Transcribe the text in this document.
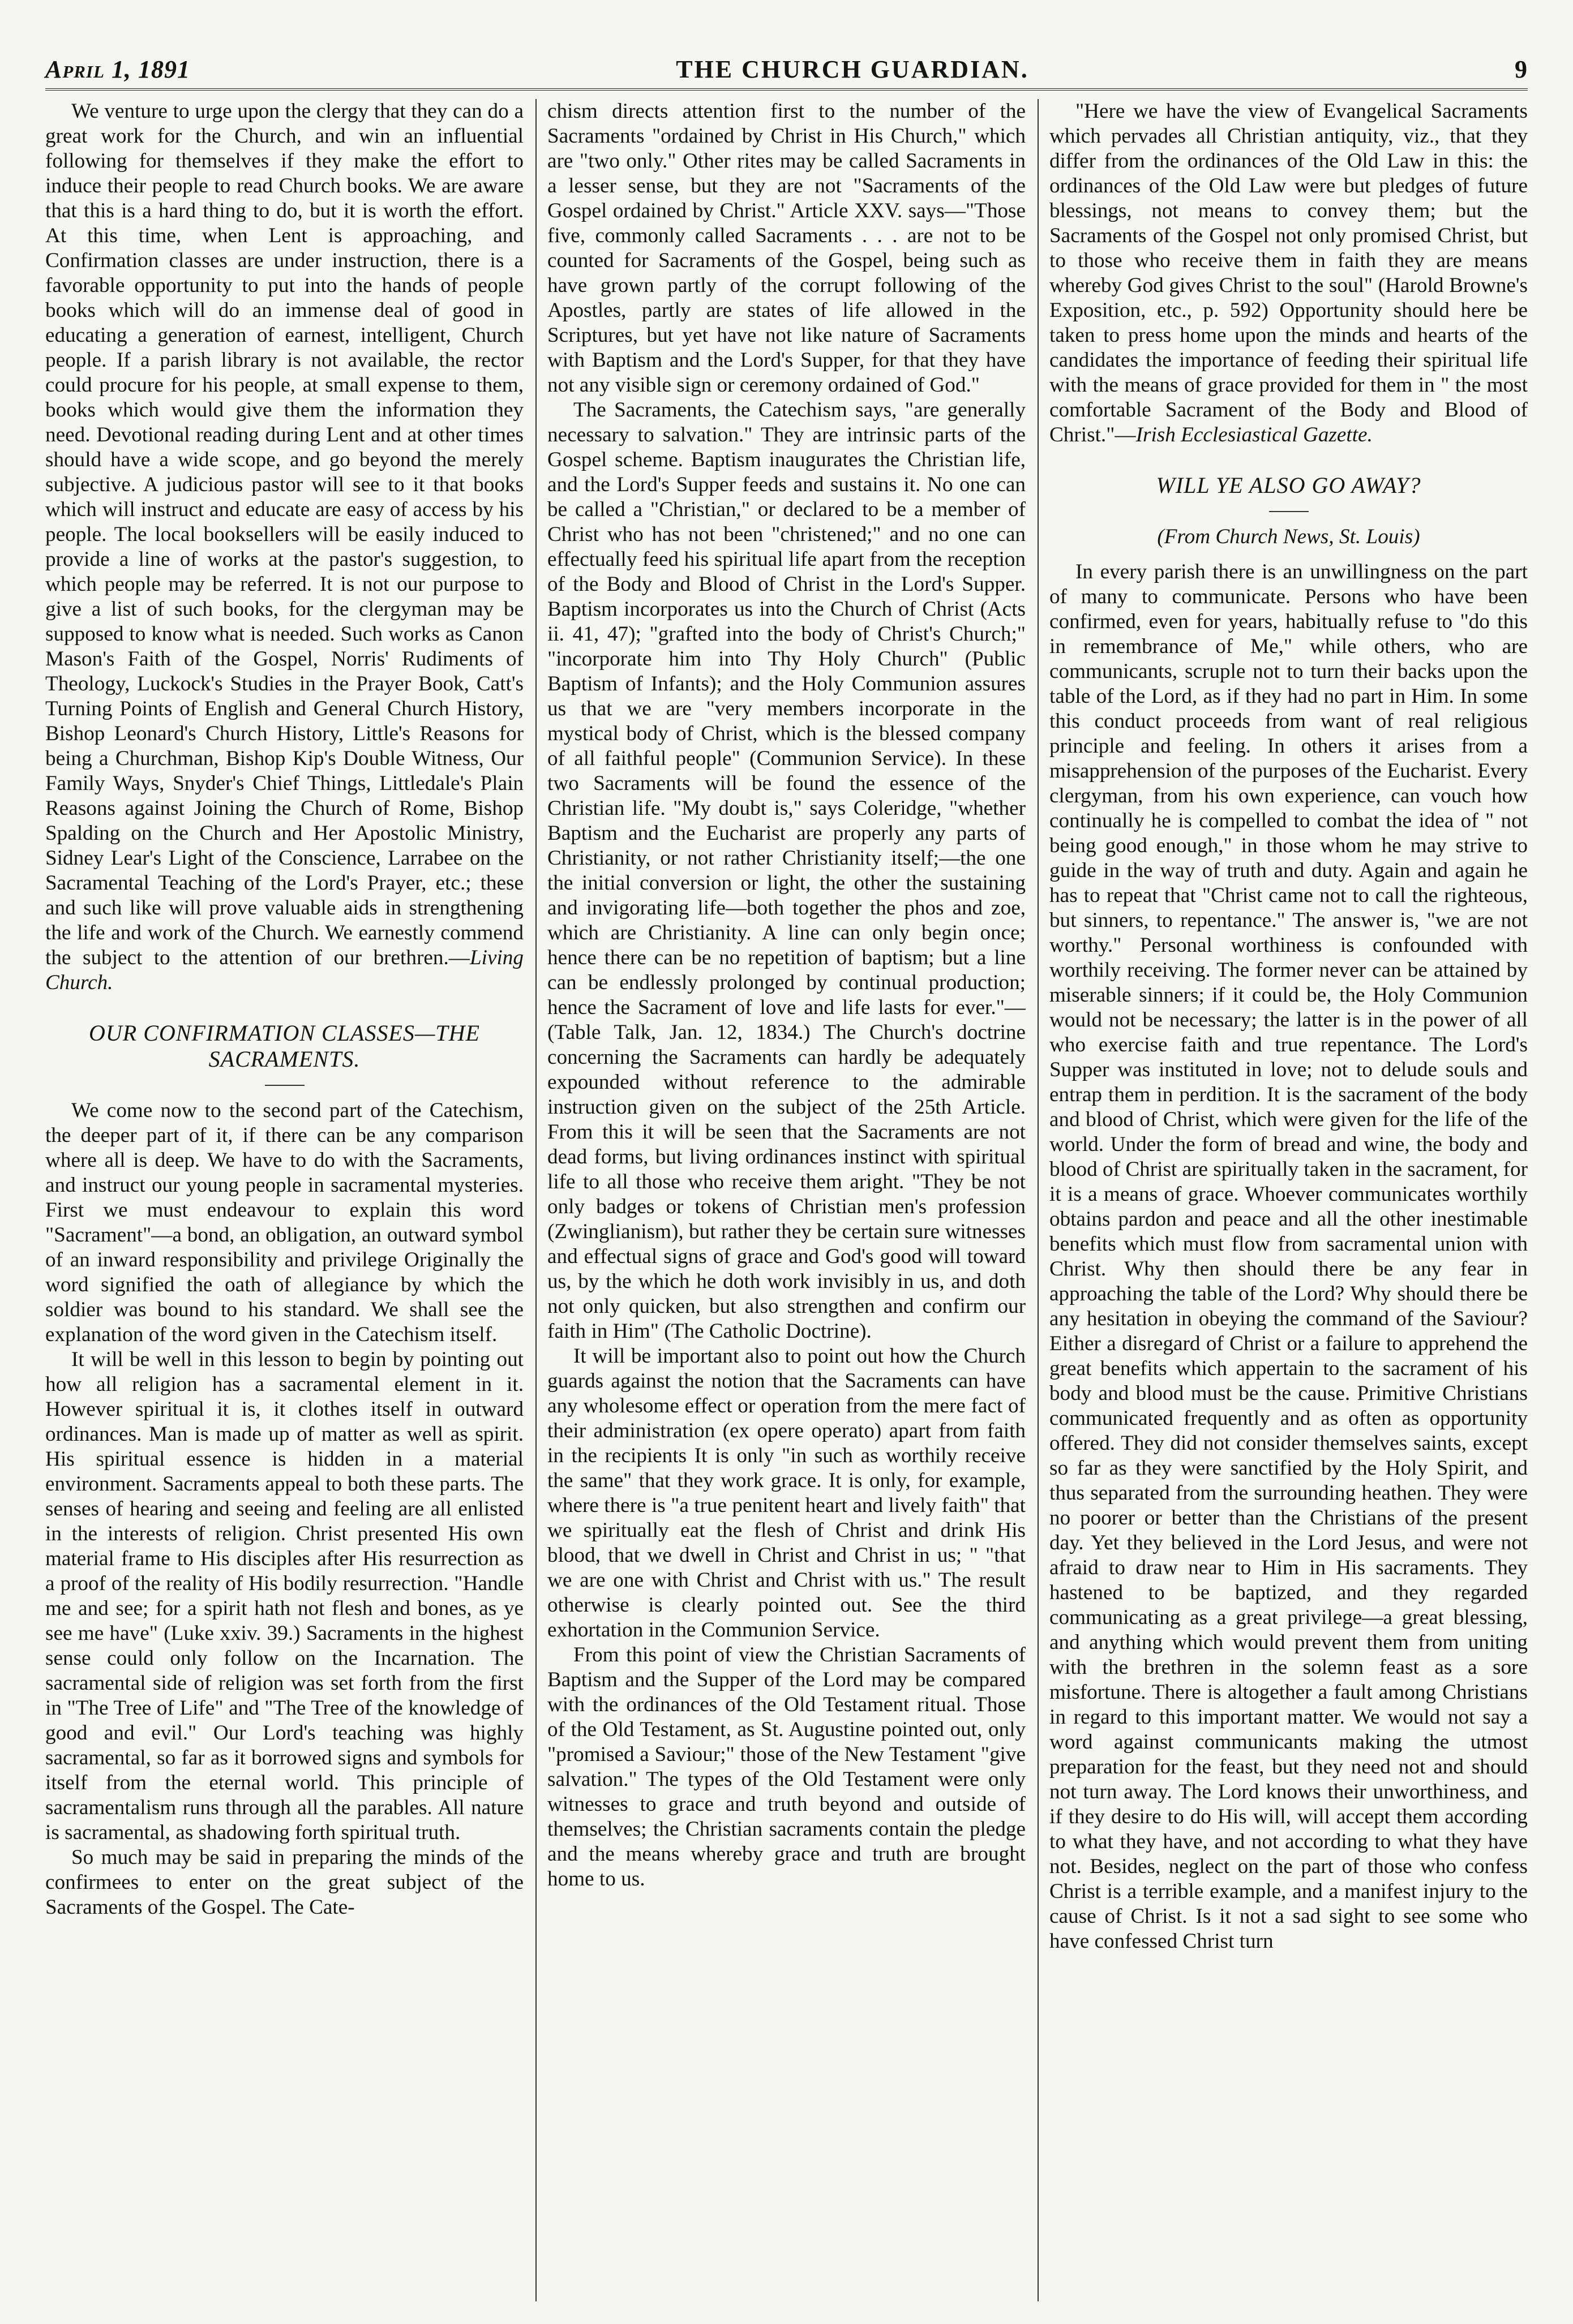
April 1, 1891	THE CHURCH GUARDIAN.	9

We venture to urge upon the clergy that they can do a great work for the Church, and win an influential following for themselves if they make the effort to induce their people to read Church books. We are aware that this is a hard thing to do, but it is worth the effort. At this time, when Lent is approaching, and Confirmation classes are under instruction, there is a favorable opportunity to put into the hands of people books which will do an immense deal of good in educating a generation of earnest, intelligent, Church people. If a parish library is not available, the rector could procure for his people, at small expense to them, books which would give them the information they need. Devotional reading during Lent and at other times should have a wide scope, and go beyond the merely subjective. A judicious pastor will see to it that books which will instruct and educate are easy of access by his people. The local booksellers will be easily induced to provide a line of works at the pastor's suggestion, to which people may be referred. It is not our purpose to give a list of such books, for the clergyman may be supposed to know what is needed. Such works as Canon Mason's Faith of the Gospel, Norris' Rudiments of Theology, Luckock's Studies in the Prayer Book, Catt's Turning Points of English and General Church History, Bishop Leonard's Church History, Little's Reasons for being a Churchman, Bishop Kip's Double Witness, Our Family Ways, Snyder's Chief Things, Littledale's Plain Reasons against Joining the Church of Rome, Bishop Spalding on the Church and Her Apostolic Ministry, Sidney Lear's Light of the Conscience, Larrabee on the Sacramental Teaching of the Lord's Prayer, etc.; these and such like will prove valuable aids in strengthening the life and work of the Church. We earnestly commend the subject to the attention of our brethren.—Living Church.

OUR CONFIRMATION CLASSES—THE SACRAMENTS.

We come now to the second part of the Catechism, the deeper part of it, if there can be any comparison where all is deep. We have to do with the Sacraments, and instruct our young people in sacramental mysteries. First we must endeavour to explain this word "Sacrament"—a bond, an obligation, an outward symbol of an inward responsibility and privilege Originally the word signified the oath of allegiance by which the soldier was bound to his standard. We shall see the explanation of the word given in the Catechism itself.

It will be well in this lesson to begin by pointing out how all religion has a sacramental element in it. However spiritual it is, it clothes itself in outward ordinances. Man is made up of matter as well as spirit. His spiritual essence is hidden in a material environment. Sacraments appeal to both these parts. The senses of hearing and seeing and feeling are all enlisted in the interests of religion. Christ presented His own material frame to His disciples after His resurrection as a proof of the reality of His bodily resurrection. "Handle me and see; for a spirit hath not flesh and bones, as ye see me have" (Luke xxiv. 39.) Sacraments in the highest sense could only follow on the Incarnation. The sacramental side of religion was set forth from the first in "The Tree of Life" and "The Tree of the knowledge of good and evil." Our Lord's teaching was highly sacramental, so far as it borrowed signs and symbols for itself from the eternal world. This principle of sacramentalism runs through all the parables. All nature is sacramental, as shadowing forth spiritual truth.

So much may be said in preparing the minds of the confirmees to enter on the great subject of the Sacraments of the Gospel. The Cate-

chism directs attention first to the number of the Sacraments "ordained by Christ in His Church," which are "two only." Other rites may be called Sacraments in a lesser sense, but they are not "Sacraments of the Gospel ordained by Christ." Article XXV. says—"Those five, commonly called Sacraments . . . are not to be counted for Sacraments of the Gospel, being such as have grown partly of the corrupt following of the Apostles, partly are states of life allowed in the Scriptures, but yet have not like nature of Sacraments with Baptism and the Lord's Supper, for that they have not any visible sign or ceremony ordained of God."

The Sacraments, the Catechism says, "are generally necessary to salvation." They are intrinsic parts of the Gospel scheme. Baptism inaugurates the Christian life, and the Lord's Supper feeds and sustains it. No one can be called a "Christian," or declared to be a member of Christ who has not been "christened;" and no one can effectually feed his spiritual life apart from the reception of the Body and Blood of Christ in the Lord's Supper. Baptism incorporates us into the Church of Christ (Acts ii. 41, 47); "grafted into the body of Christ's Church;" "incorporate him into Thy Holy Church" (Public Baptism of Infants); and the Holy Communion assures us that we are "very members incorporate in the mystical body of Christ, which is the blessed company of all faithful people" (Communion Service). In these two Sacraments will be found the essence of the Christian life. "My doubt is," says Coleridge, "whether Baptism and the Eucharist are properly any parts of Christianity, or not rather Christianity itself;—the one the initial conversion or light, the other the sustaining and invigorating life—both together the phos and zoe, which are Christianity. A line can only begin once; hence there can be no repetition of baptism; but a line can be endlessly prolonged by continual production; hence the Sacrament of love and life lasts for ever."—(Table Talk, Jan. 12, 1834.) The Church's doctrine concerning the Sacraments can hardly be adequately expounded without reference to the admirable instruction given on the subject of the 25th Article. From this it will be seen that the Sacraments are not dead forms, but living ordinances instinct with spiritual life to all those who receive them aright. "They be not only badges or tokens of Christian men's profession (Zwinglianism), but rather they be certain sure witnesses and effectual signs of grace and God's good will toward us, by the which he doth work invisibly in us, and doth not only quicken, but also strengthen and confirm our faith in Him" (The Catholic Doctrine).

It will be important also to point out how the Church guards against the notion that the Sacraments can have any wholesome effect or operation from the mere fact of their administration (ex opere operato) apart from faith in the recipients It is only "in such as worthily receive the same" that they work grace. It is only, for example, where there is "a true penitent heart and lively faith" that we spiritually eat the flesh of Christ and drink His blood, that we dwell in Christ and Christ in us; " "that we are one with Christ and Christ with us." The result otherwise is clearly pointed out. See the third exhortation in the Communion Service.

From this point of view the Christian Sacraments of Baptism and the Supper of the Lord may be compared with the ordinances of the Old Testament ritual. Those of the Old Testament, as St. Augustine pointed out, only "promised a Saviour;" those of the New Testament "give salvation." The types of the Old Testament were only witnesses to grace and truth beyond and outside of themselves; the Christian sacraments contain the pledge and the means whereby grace and truth are brought home to us.

"Here we have the view of Evangelical Sacraments which pervades all Christian antiquity, viz., that they differ from the ordinances of the Old Law in this: the ordinances of the Old Law were but pledges of future blessings, not means to convey them; but the Sacraments of the Gospel not only promised Christ, but to those who receive them in faith they are means whereby God gives Christ to the soul" (Harold Browne's Exposition, etc., p. 592) Opportunity should here be taken to press home upon the minds and hearts of the candidates the importance of feeding their spiritual life with the means of grace provided for them in " the most comfortable Sacrament of the Body and Blood of Christ."—Irish Ecclesiastical Gazette.

WILL YE ALSO GO AWAY?
(From Church News, St. Louis)

In every parish there is an unwillingness on the part of many to communicate. Persons who have been confirmed, even for years, habitually refuse to "do this in remembrance of Me," while others, who are communicants, scruple not to turn their backs upon the table of the Lord, as if they had no part in Him. In some this conduct proceeds from want of real religious principle and feeling. In others it arises from a misapprehension of the purposes of the Eucharist. Every clergyman, from his own experience, can vouch how continually he is compelled to combat the idea of " not being good enough," in those whom he may strive to guide in the way of truth and duty. Again and again he has to repeat that "Christ came not to call the righteous, but sinners, to repentance." The answer is, "we are not worthy." Personal worthiness is confounded with worthily receiving. The former never can be attained by miserable sinners; if it could be, the Holy Communion would not be necessary; the latter is in the power of all who exercise faith and true repentance. The Lord's Supper was instituted in love; not to delude souls and entrap them in perdition. It is the sacrament of the body and blood of Christ, which were given for the life of the world. Under the form of bread and wine, the body and blood of Christ are spiritually taken in the sacrament, for it is a means of grace. Whoever communicates worthily obtains pardon and peace and all the other inestimable benefits which must flow from sacramental union with Christ. Why then should there be any fear in approaching the table of the Lord? Why should there be any hesitation in obeying the command of the Saviour? Either a disregard of Christ or a failure to apprehend the great benefits which appertain to the sacrament of his body and blood must be the cause. Primitive Christians communicated frequently and as often as opportunity offered. They did not consider themselves saints, except so far as they were sanctified by the Holy Spirit, and thus separated from the surrounding heathen. They were no poorer or better than the Christians of the present day. Yet they believed in the Lord Jesus, and were not afraid to draw near to Him in His sacraments. They hastened to be baptized, and they regarded communicating as a great privilege—a great blessing, and anything which would prevent them from uniting with the brethren in the solemn feast as a sore misfortune. There is altogether a fault among Christians in regard to this important matter. We would not say a word against communicants making the utmost preparation for the feast, but they need not and should not turn away. The Lord knows their unworthiness, and if they desire to do His will, will accept them according to what they have, and not according to what they have not. Besides, neglect on the part of those who confess Christ is a terrible example, and a manifest injury to the cause of Christ. Is it not a sad sight to see some who have confessed Christ turn
